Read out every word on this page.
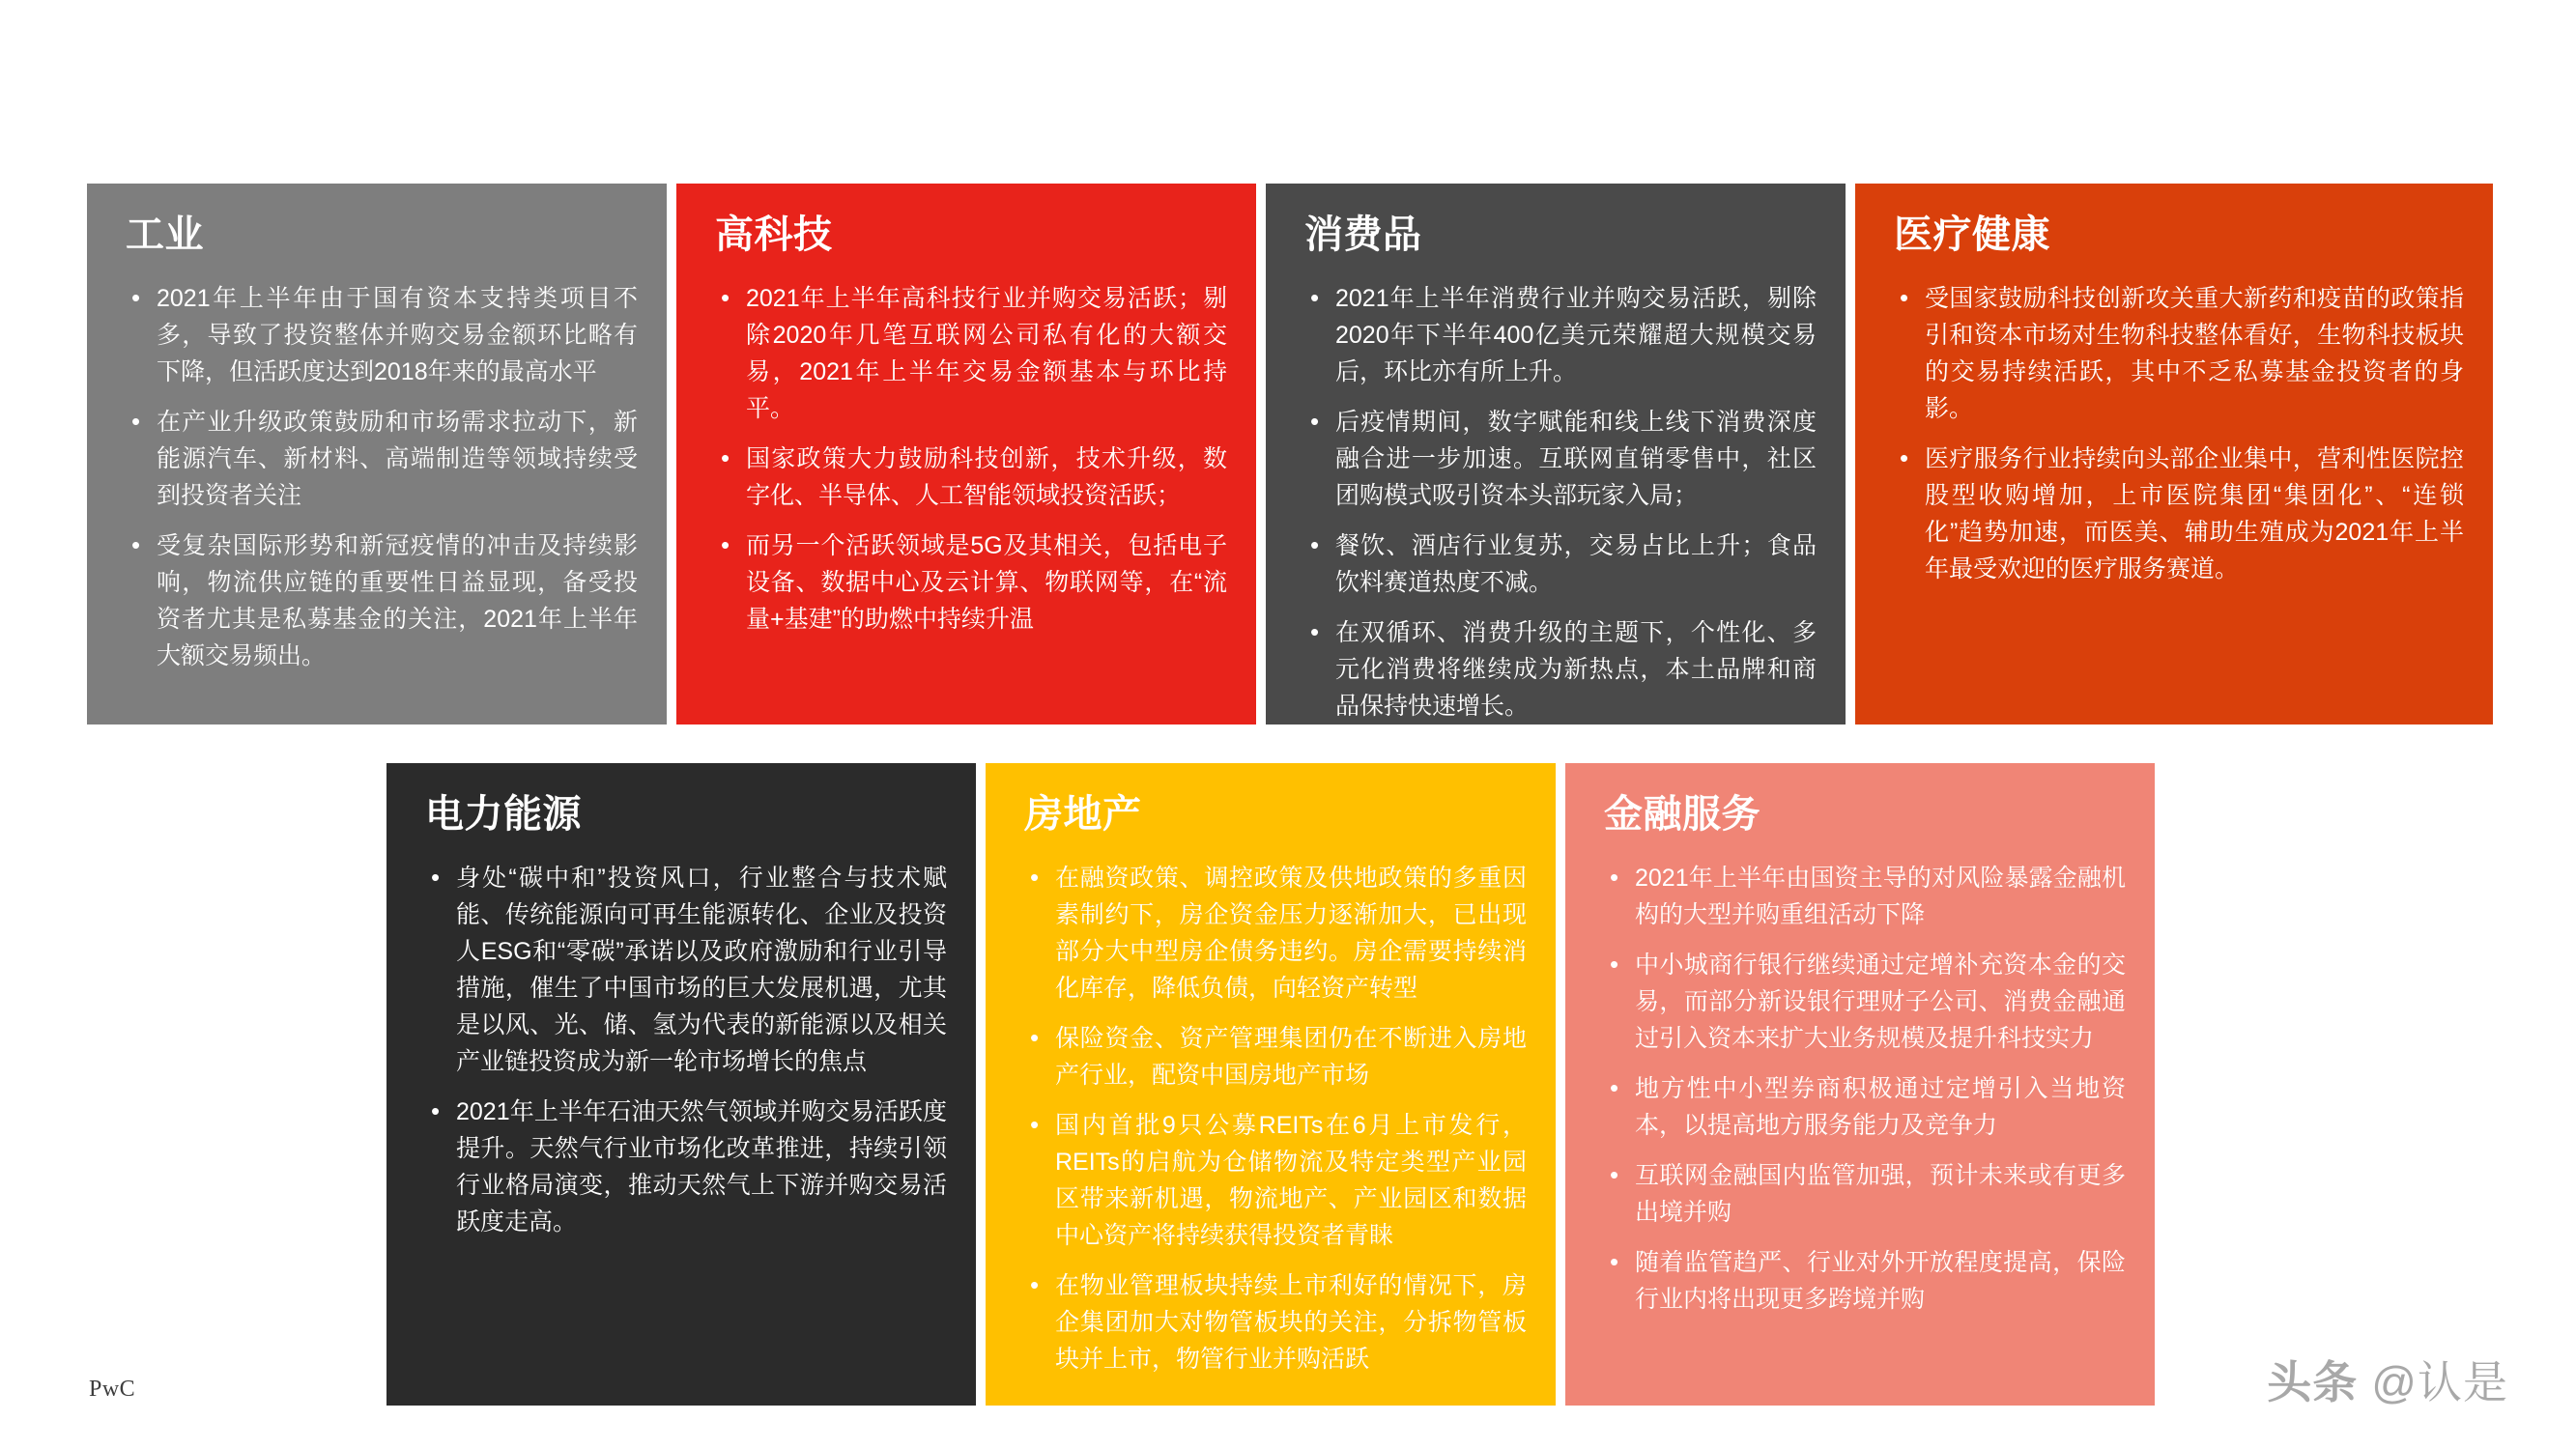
工业
• 2021年上半年由于国有资本支持类项目不多，导致了投资整体并购交易金额环比略有下降，但活跃度达到2018年来的最高水平
• 在产业升级政策鼓励和市场需求拉动下，新能源汽车、新材料、高端制造等领域持续受到投资者关注
• 受复杂国际形势和新冠疫情的冲击及持续影响，物流供应链的重要性日益显现，备受投资者尤其是私募基金的关注，2021年上半年大额交易频出。
高科技
• 2021年上半年高科技行业并购交易活跃；剔除2020年几笔互联网公司私有化的大额交易，2021年上半年交易金额基本与环比持平。
• 国家政策大力鼓励科技创新，技术升级，数字化、半导体、人工智能领域投资活跃；
• 而另一个活跃领域是5G及其相关，包括电子设备、数据中心及云计算、物联网等，在“流量+基建”的助燃中持续升温
消费品
• 2021年上半年消费行业并购交易活跃，剔除2020年下半年400亿美元荣耀超大规模交易后，环比亦有所上升。
• 后疫情期间，数字赋能和线上线下消费深度融合进一步加速。互联网直销零售中，社区团购模式吸引资本头部玩家入局；
• 餐饮、酒店行业复苏，交易占比上升；食品饮料赛道热度不减。
• 在双循环、消费升级的主题下，个性化、多元化消费将继续成为新热点，本土品牌和商品保持快速增长。
医疗健康
• 受国家鼓励科技创新攻关重大新药和疫苗的政策指引和资本市场对生物科技整体看好，生物科技板块的交易持续活跃，其中不乏私募基金投资者的身影。
• 医疗服务行业持续向头部企业集中，营利性医院控股型收购增加，上市医院集团“集团化”、“连锁化”趋势加速，而医美、辅助生殖成为2021年上半年最受欢迎的医疗服务赛道。
电力能源
• 身处“碳中和”投资风口，行业整合与技术赋能、传统能源向可再生能源转化、企业及投资人ESG和“零碳”承诺以及政府激励和行业引导措施，催生了中国市场的巨大发展机遇，尤其是以风、光、储、氢为代表的新能源以及相关产业链投资成为新一轮市场增长的焦点
• 2021年上半年石油天然气领域并购交易活跃度提升。天然气行业市场化改革推进，持续引领行业格局演变，推动天然气上下游并购交易活跃度走高。
房地产
• 在融资政策、调控政策及供地政策的多重因素制约下，房企资金压力逐渐加大，已出现部分大中型房企债务违约。房企需要持续消化库存，降低负债，向轻资产转型
• 保险资金、资产管理集团仍在不断进入房地产行业，配资中国房地产市场
• 国内首批9只公募REITs在6月上市发行，REITs的启航为仓储物流及特定类型产业园区带来新机遇，物流地产、产业园区和数据中心资产将持续获得投资者青睐
• 在物业管理板块持续上市利好的情况下，房企集团加大对物管板块的关注，分拆物管板块并上市，物管行业并购活跃
金融服务
• 2021年上半年由国资主导的对风险暴露金融机构的大型并购重组活动下降
• 中小城商行银行继续通过定增补充资本金的交易，而部分新设银行理财子公司、消费金融通过引入资本来扩大业务规模及提升科技实力
• 地方性中小型券商积极通过定增引入当地资本，以提高地方服务能力及竞争力
• 互联网金融国内监管加强，预计未来或有更多出境并购
• 随着监管趋严、行业对外开放程度提高，保险行业内将出现更多跨境并购
PwC	头条 @认是
